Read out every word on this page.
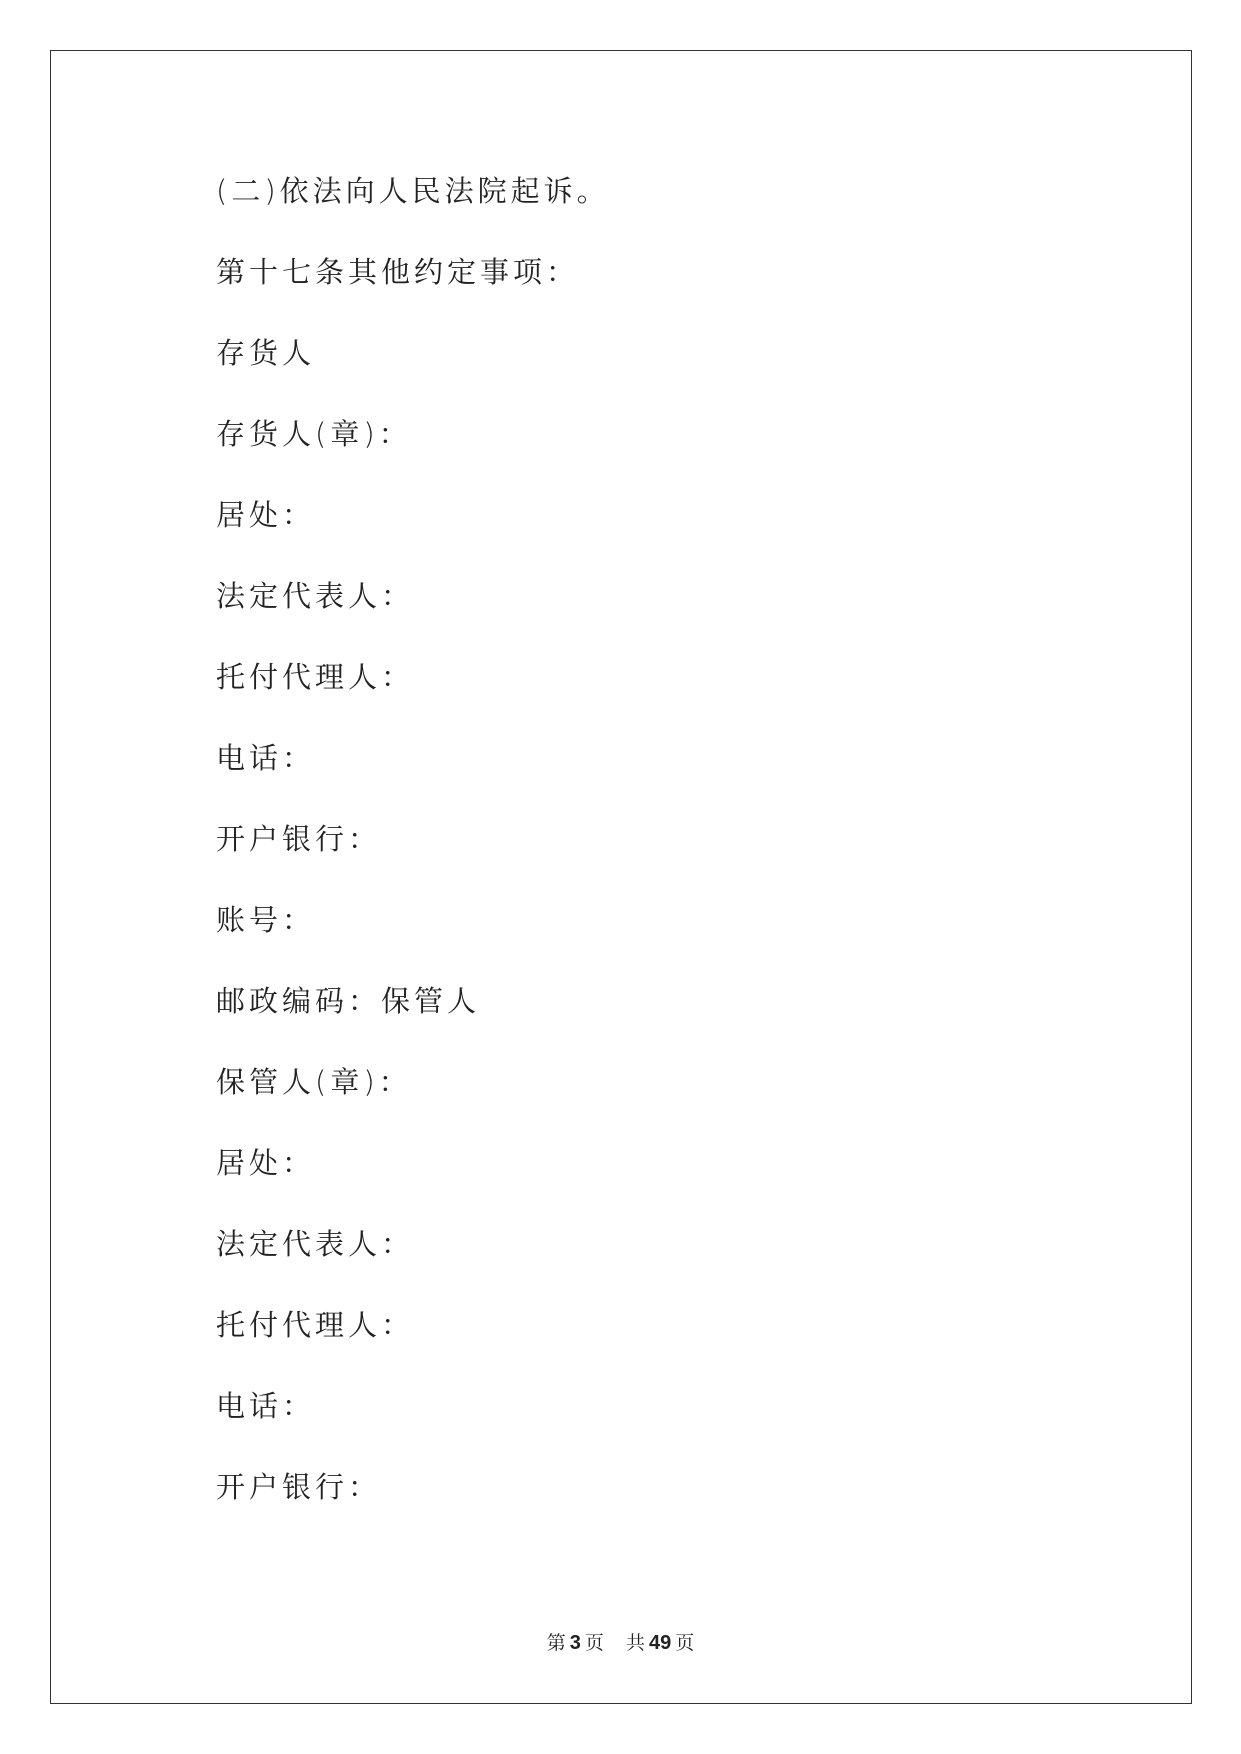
(二)依法向人民法院起诉。
第十七条其他约定事项：
存货人
存货人(章)：
居处：
法定代表人：
托付代理人：
电话：
开户银行：
账号：
邮政编码：保管人
保管人(章)：
居处：
法定代表人：
托付代理人：
电话：
开户银行：
第 3 页 共 49 页
